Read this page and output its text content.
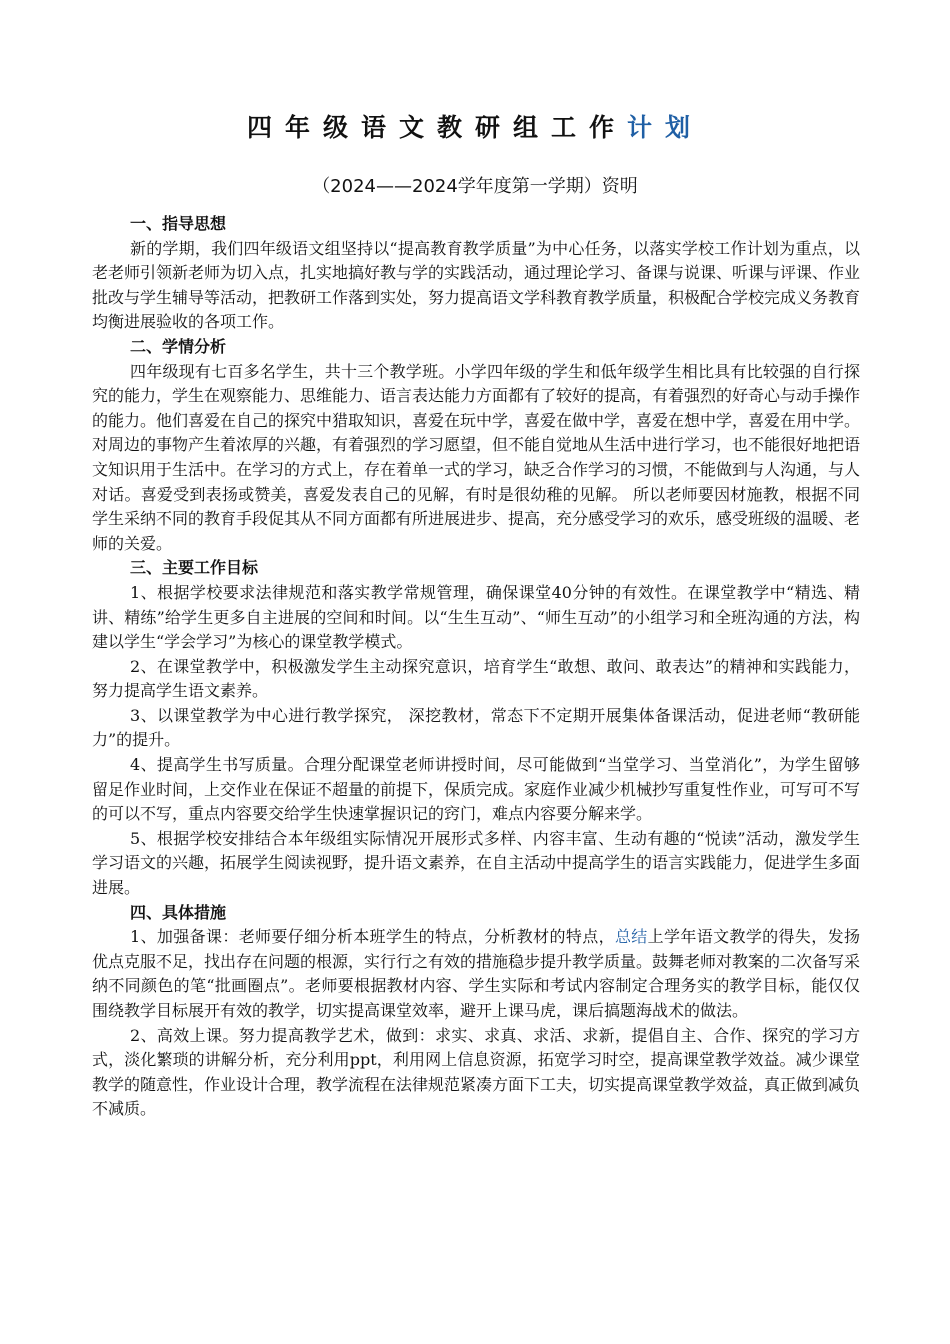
四年级语文教研组工作计划
（2024——2024学年度第一学期）资明

一、指导思想

新的学期，我们四年级语文组坚持以“提高教育教学质量”为中心任务，以落实学校工作计划为重点，以老老师引领新老师为切入点，扎实地搞好教与学的实践活动，通过理论学习、备课与说课、听课与评课、作业批改与学生辅导等活动，把教研工作落到实处，努力提高语文学科教育教学质量，积极配合学校完成义务教育均衡进展验收的各项工作。

二、学情分析

四年级现有七百多名学生，共十三个教学班。小学四年级的学生和低年级学生相比具有比较强的自行探究的能力，学生在观察能力、思维能力、语言表达能力方面都有了较好的提高，有着强烈的好奇心与动手操作的能力。他们喜爱在自己的探究中猎取知识，喜爱在玩中学，喜爱在做中学，喜爱在想中学，喜爱在用中学。对周边的事物产生着浓厚的兴趣，有着强烈的学习愿望，但不能自觉地从生活中进行学习，也不能很好地把语文知识用于生活中。在学习的方式上，存在着单一式的学习，缺乏合作学习的习惯，不能做到与人沟通，与人对话。喜爱受到表扬或赞美，喜爱发表自己的见解，有时是很幼稚的见解。 所以老师要因材施教，根据不同学生采纳不同的教育手段促其从不同方面都有所进展进步、提高，充分感受学习的欢乐，感受班级的温暖、老师的关爱。

三、主要工作目标

1、根据学校要求法律规范和落实教学常规管理，确保课堂40分钟的有效性。在课堂教学中“精选、精讲、精练”给学生更多自主进展的空间和时间。以“生生互动”、“师生互动”的小组学习和全班沟通的方法，构建以学生“学会学习”为核心的课堂教学模式。

2、在课堂教学中，积极激发学生主动探究意识，培育学生“敢想、敢问、敢表达”的精神和实践能力，努力提高学生语文素养。

3、以课堂教学为中心进行教学探究， 深挖教材，常态下不定期开展集体备课活动，促进老师“教研能力”的提升。

4、提高学生书写质量。合理分配课堂老师讲授时间，尽可能做到“当堂学习、当堂消化”，为学生留够留足作业时间，上交作业在保证不超量的前提下，保质完成。家庭作业减少机械抄写重复性作业，可写可不写的可以不写，重点内容要交给学生快速掌握识记的窍门，难点内容要分解来学。

5、根据学校安排结合本年级组实际情况开展形式多样、内容丰富、生动有趣的“悦读”活动，激发学生学习语文的兴趣，拓展学生阅读视野，提升语文素养，在自主活动中提高学生的语言实践能力，促进学生多面进展。

四、具体措施

1、加强备课：老师要仔细分析本班学生的特点，分析教材的特点，总结上学年语文教学的得失，发扬优点克服不足，找出存在问题的根源，实行行之有效的措施稳步提升教学质量。鼓舞老师对教案的二次备写采纳不同颜色的笔“批画圈点”。老师要根据教材内容、学生实际和考试内容制定合理务实的教学目标，能仅仅围绕教学目标展开有效的教学，切实提高课堂效率，避开上课马虎，课后搞题海战术的做法。

2、高效上课。努力提高教学艺术，做到：求实、求真、求活、求新，提倡自主、合作、探究的学习方式，淡化繁琐的讲解分析，充分利用ppt，利用网上信息资源，拓宽学习时空，提高课堂教学效益。减少课堂教学的随意性，作业设计合理，教学流程在法律规范紧凑方面下工夫，切实提高课堂教学效益，真正做到减负不减质。
